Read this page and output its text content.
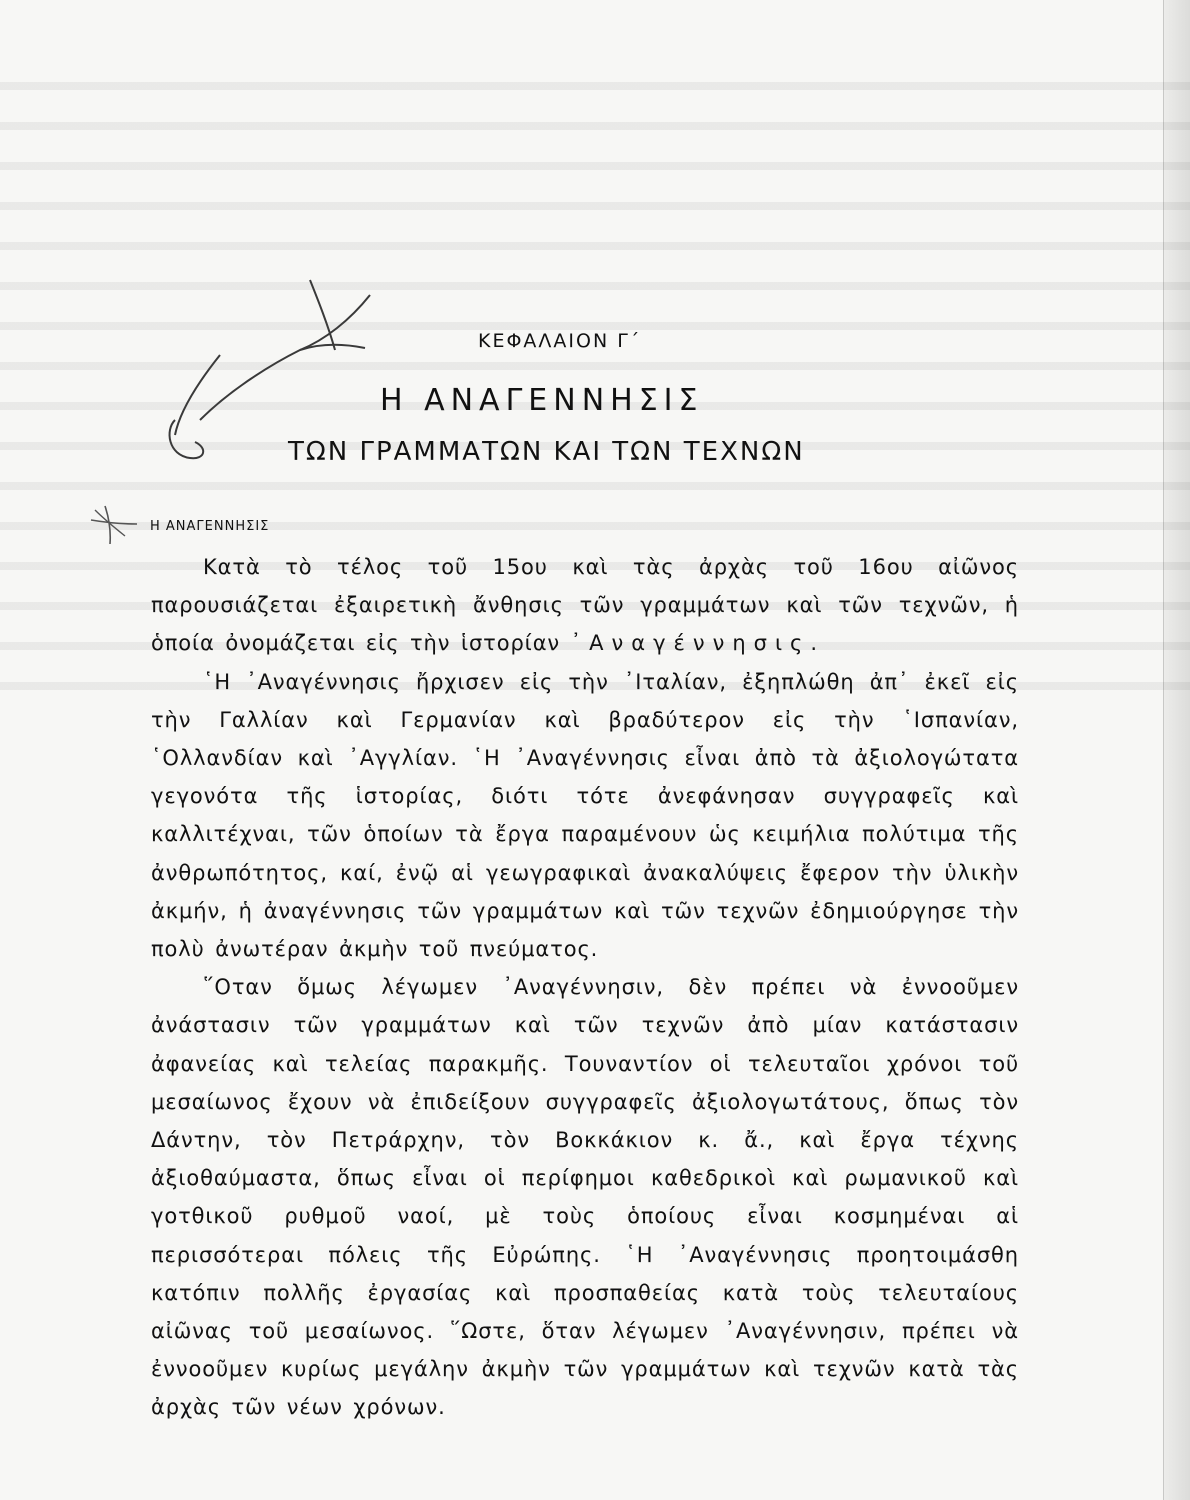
ΚΕΦΑΛΑΙΟΝ Γ΄
Η ΑΝΑΓΕΝΝΗΣΙΣ
ΤΩΝ ΓΡΑΜΜΑΤΩΝ ΚΑΙ ΤΩΝ ΤΕΧΝΩΝ
Η ΑΝΑΓΕΝΝΗΣΙΣ

Κατὰ τὸ τέλος τοῦ 15ου καὶ τὰς ἀρχὰς τοῦ 16ου αἰῶνος παρουσιάζεται ἐξαιρετικὴ ἄνθησις τῶν γραμμάτων καὶ τῶν τεχνῶν, ἡ ὁποία ὀνομάζεται εἰς τὴν ἱστορίαν ᾿Αναγέννησις.

῾Η ᾿Αναγέννησις ἤρχισεν εἰς τὴν ᾿Ιταλίαν, ἐξηπλώθη ἀπ᾿ ἐκεῖ εἰς τὴν Γαλλίαν καὶ Γερμανίαν καὶ βραδύτερον εἰς τὴν ῾Ισπανίαν, ῾Ολλανδίαν καὶ ᾿Αγγλίαν. ῾Η ᾿Αναγέννησις εἶναι ἀπὸ τὰ ἀξιολογώτατα γεγονότα τῆς ἱστορίας, διότι τότε ἀνεφάνησαν συγγραφεῖς καὶ καλλιτέχναι, τῶν ὁποίων τὰ ἔργα παραμένουν ὡς κειμήλια πολύτιμα τῆς ἀνθρωπότητος, καί, ἐνῷ αἱ γεωγραφικαὶ ἀνακαλύψεις ἔφερον τὴν ὑλικὴν ἀκμήν, ἡ ἀναγέννησις τῶν γραμμάτων καὶ τῶν τεχνῶν ἐδημιούργησε τὴν πολὺ ἀνωτέραν ἀκμὴν τοῦ πνεύματος.

῞Οταν ὅμως λέγωμεν ᾿Αναγέννησιν, δὲν πρέπει νὰ ἐννοοῦμεν ἀνάστασιν τῶν γραμμάτων καὶ τῶν τεχνῶν ἀπὸ μίαν κατάστασιν ἀφανείας καὶ τελείας παρακμῆς. Τουναντίον οἱ τελευταῖοι χρόνοι τοῦ μεσαίωνος ἔχουν νὰ ἐπιδείξουν συγγραφεῖς ἀξιολογωτάτους, ὅπως τὸν Δάντην, τὸν Πετράρχην, τὸν Βοκκάκιον κ. ἄ., καὶ ἔργα τέχνης ἀξιοθαύμαστα, ὅπως εἶναι οἱ περίφημοι καθεδρικοὶ καὶ ρωμανικοῦ καὶ γοτθικοῦ ρυθμοῦ ναοί, μὲ τοὺς ὁποίους εἶναι κοσμημέναι αἱ περισσότεραι πόλεις τῆς Εὐρώπης. ῾Η ᾿Αναγέννησις προητοιμάσθη κατόπιν πολλῆς ἐργασίας καὶ προσπαθείας κατὰ τοὺς τελευταίους αἰῶνας τοῦ μεσαίωνος. ῞Ωστε, ὅταν λέγωμεν ᾿Αναγέννησιν, πρέπει νὰ ἐννοοῦμεν κυρίως μεγάλην ἀκμὴν τῶν γραμμάτων καὶ τεχνῶν κατὰ τὰς ἀρχὰς τῶν νέων χρόνων.
